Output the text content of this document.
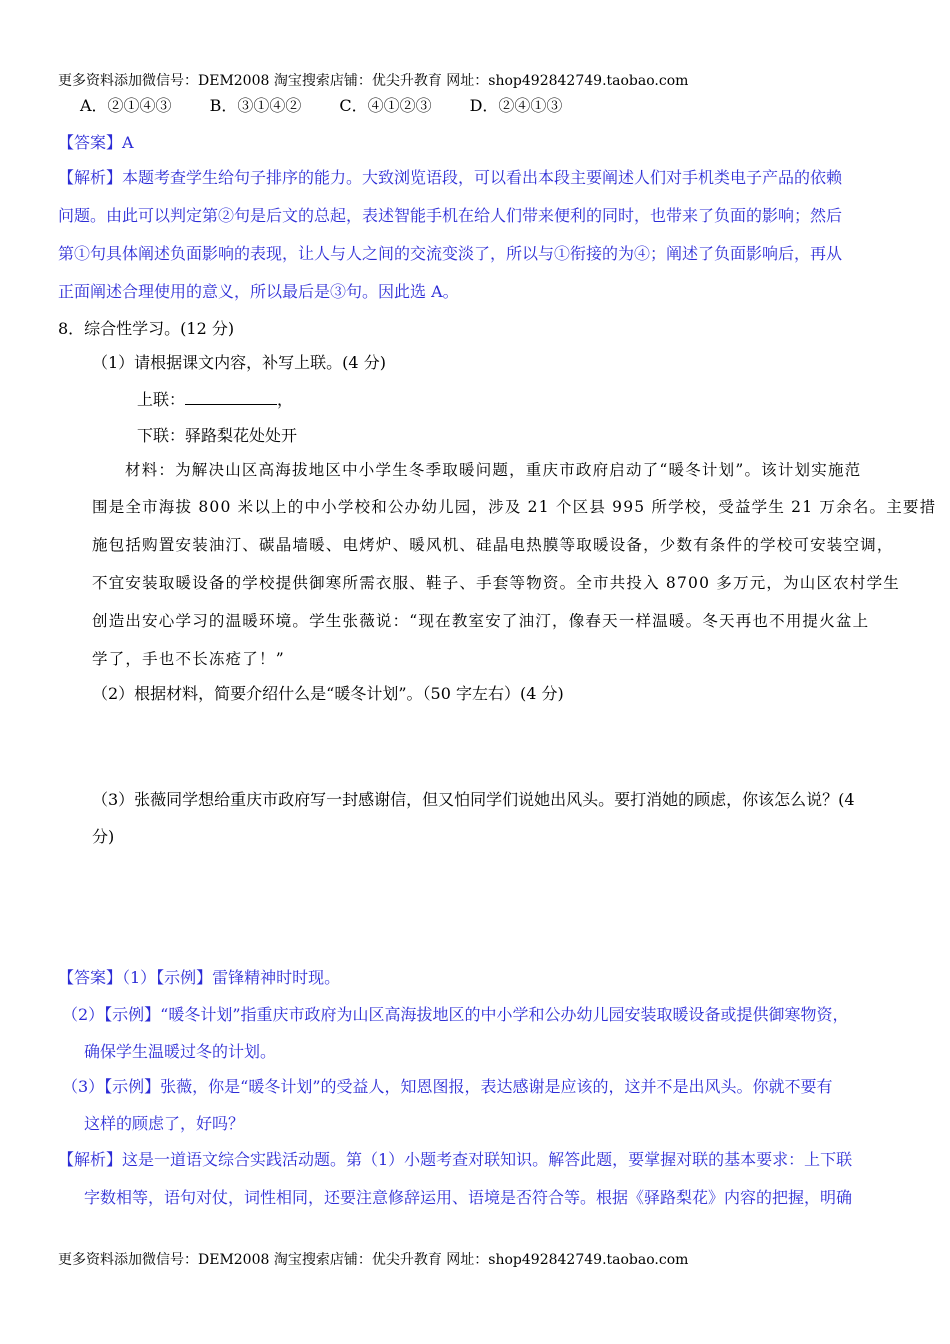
更多资料添加微信号：DEM2008 淘宝搜索店铺：优尖升教育 网址：shop492842749.taobao.com
A．②①④③ B．③①④② C．④①②③ D．②④①③
【答案】A
【解析】本题考查学生给句子排序的能力。大致浏览语段，可以看出本段主要阐述人们对手机类电子产品的依赖
问题。由此可以判定第②句是后文的总起，表述智能手机在给人们带来便利的同时，也带来了负面的影响；然后
第①句具体阐述负面影响的表现，让人与人之间的交流变淡了，所以与①衔接的为④；阐述了负面影响后，再从
正面阐述合理使用的意义，所以最后是③句。因此选 A。
8．综合性学习。(12 分)
（1）请根据课文内容，补写上联。(4 分)
上联：	，
下联：驿路梨花处处开
材料：为解决山区高海拔地区中小学生冬季取暖问题，重庆市政府启动了“暖冬计划”。该计划实施范
围是全市海拔 800 米以上的中小学校和公办幼儿园，涉及 21 个区县 995 所学校，受益学生 21 万余名。主要措
施包括购置安装油汀、碳晶墙暖、电烤炉、暖风机、硅晶电热膜等取暖设备，少数有条件的学校可安装空调，
不宜安装取暖设备的学校提供御寒所需衣服、鞋子、手套等物资。全市共投入 8700 多万元，为山区农村学生
创造出安心学习的温暖环境。学生张薇说：“现在教室安了油汀，像春天一样温暖。冬天再也不用提火盆上
学了，手也不长冻疮了！”
（2）根据材料，简要介绍什么是“暖冬计划”。（50 字左右）(4 分)
（3）张薇同学想给重庆市政府写一封感谢信，但又怕同学们说她出风头。要打消她的顾虑，你该怎么说？(4
分)
【答案】（1）【示例】雷锋精神时时现。
（2）【示例】“暖冬计划”指重庆市政府为山区高海拔地区的中小学和公办幼儿园安装取暖设备或提供御寒物资，
确保学生温暖过冬的计划。
（3）【示例】张薇，你是“暖冬计划”的受益人，知恩图报，表达感谢是应该的，这并不是出风头。你就不要有
这样的顾虑了，好吗？
【解析】这是一道语文综合实践活动题。第（1）小题考查对联知识。解答此题，要掌握对联的基本要求：上下联
字数相等，语句对仗，词性相同，还要注意修辞运用、语境是否符合等。根据《驿路梨花》内容的把握，明确
更多资料添加微信号：DEM2008 淘宝搜索店铺：优尖升教育 网址：shop492842749.taobao.com
